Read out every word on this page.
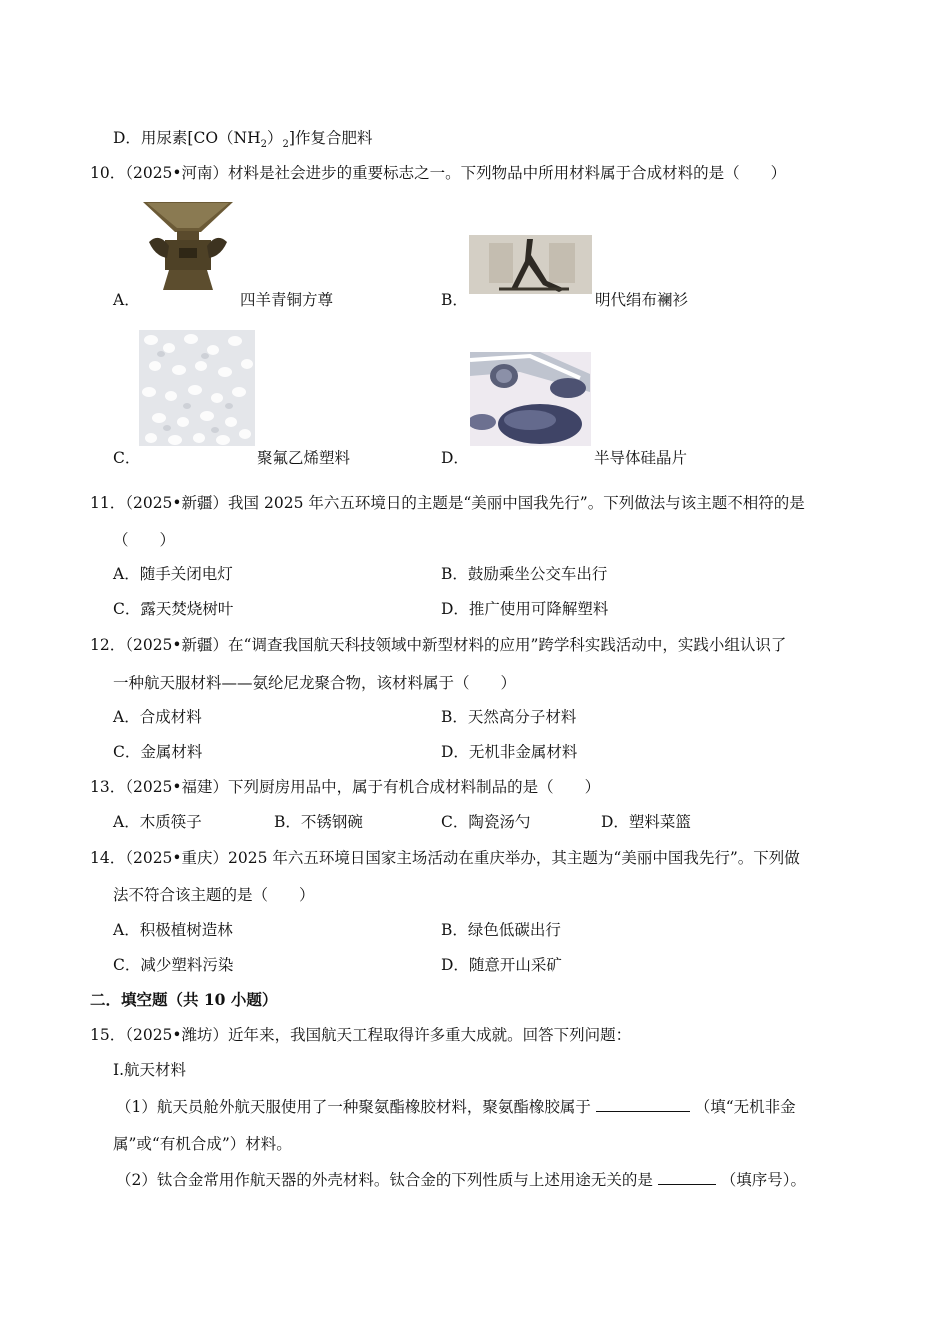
D．用尿素$[CO(NH_2)_2]$作复合肥料
10．（2025•河南）材料是社会进步的重要标志之一。下列物品中所用材料属于合成材料的是（　　）
A．	四羊青铜方尊	B．	明代绢布襕衫
C．	聚氟乙烯塑料	D．	半导体硅晶片
11．（2025•新疆）我国 2025 年六五环境日的主题是“美丽中国我先行”。下列做法与该主题不相符的是
（　　）
A．随手关闭电灯	B．鼓励乘坐公交车出行
C．露天焚烧树叶	D．推广使用可降解塑料
12．（2025•新疆）在“调查我国航天科技领域中新型材料的应用”跨学科实践活动中，实践小组认识了
一种航天服材料——氨纶尼龙聚合物，该材料属于（　　）
A．合成材料	B．天然高分子材料
C．金属材料	D．无机非金属材料
13．（2025•福建）下列厨房用品中，属于有机合成材料制品的是（　　）
A．木质筷子	B．不锈钢碗	C．陶瓷汤勺	D．塑料菜篮
14．（2025•重庆）2025 年六五环境日国家主场活动在重庆举办，其主题为“美丽中国我先行”。下列做
法不符合该主题的是（　　）
A．积极植树造林	B．绿色低碳出行
C．减少塑料污染	D．随意开山采矿
二．填空题（共 10 小题）
15．（2025•潍坊）近年来，我国航天工程取得许多重大成就。回答下列问题：
Ⅰ.航天材料
（1）航天员舱外航天服使用了一种聚氨酯橡胶材料，聚氨酯橡胶属于	（填“无机非金
属”或“有机合成”）材料。
（2）钛合金常用作航天器的外壳材料。钛合金的下列性质与上述用途无关的是	（填序号）。
